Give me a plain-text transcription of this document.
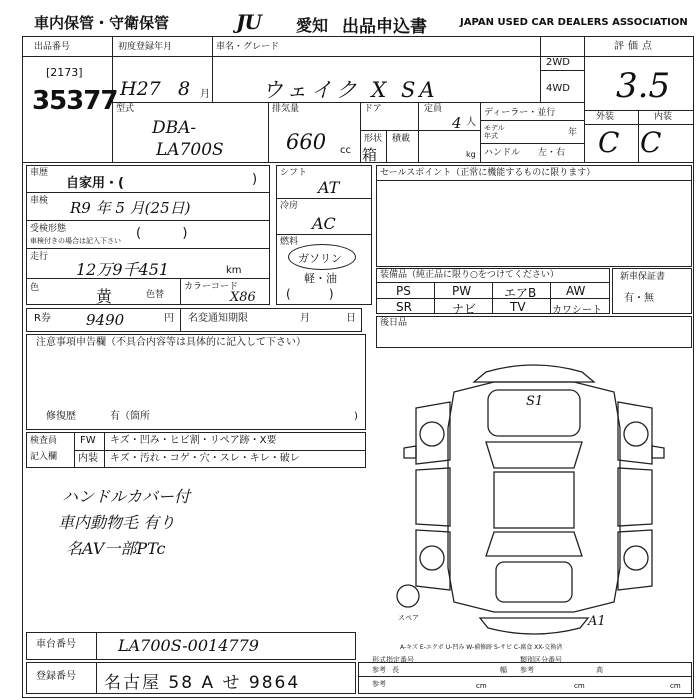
車内保管・守衛保管	JU	愛知 出品申込書	JAPAN USED CAR DEALERS ASSOCIATION
出品番号
[2173]
35377
初度登録年月
H27 8 月
車名・グレード
ウェイク X SA
2WD
4WD
評価点
3.5
型式
DBA-
LA700S
排気量
660 cc
ドア	定員
4 人
形状
箱
積載
kg
ディーラー・並行
モデル年式	年
ハンドル 左・右
外装	内装
C C
車歴
自家用・(	)
車検 R9 年 5 月(25日)
受検形態
車検付きの場合は記入下さい (          )
走行
12万9千451	km
色	黄	色替
カラーコード
X86
シフト
AT
冷房
AC
燃料
ガソリン
軽・油
(          )
セールスポイント（正常に機能するものに限ります）
装備品（純正品に限り○をつけてください）
PS	PW	エアB AW
SR	ナビ	TV	カワシート
新車保証書
有・無
R券 9490	円 名変通知期限	月	日	後日品
注意事項申告欄（不具合内容等は具体的に記入して下さい）
修復歴	有（箇所	)
検査員
記入欄
FW キズ・凹み・ヒビ割・リペア跡・X要
内装 キズ・汚れ・コゲ・穴・スレ・キレ・破レ
ハンドルカバー付
車内動物毛 有り
名AV一部PTc
S1
A1
スペア
A-キズ E-エクボ U-凹み W-補修跡 S-サビ C-腐食 XX-交換済
形式指定番号
参考
類別区分番号
参考
車台番号	LA700S-0014779
登録番号 名古屋 58 A せ 9864
長	幅	高
参考	cm	cm	cm
